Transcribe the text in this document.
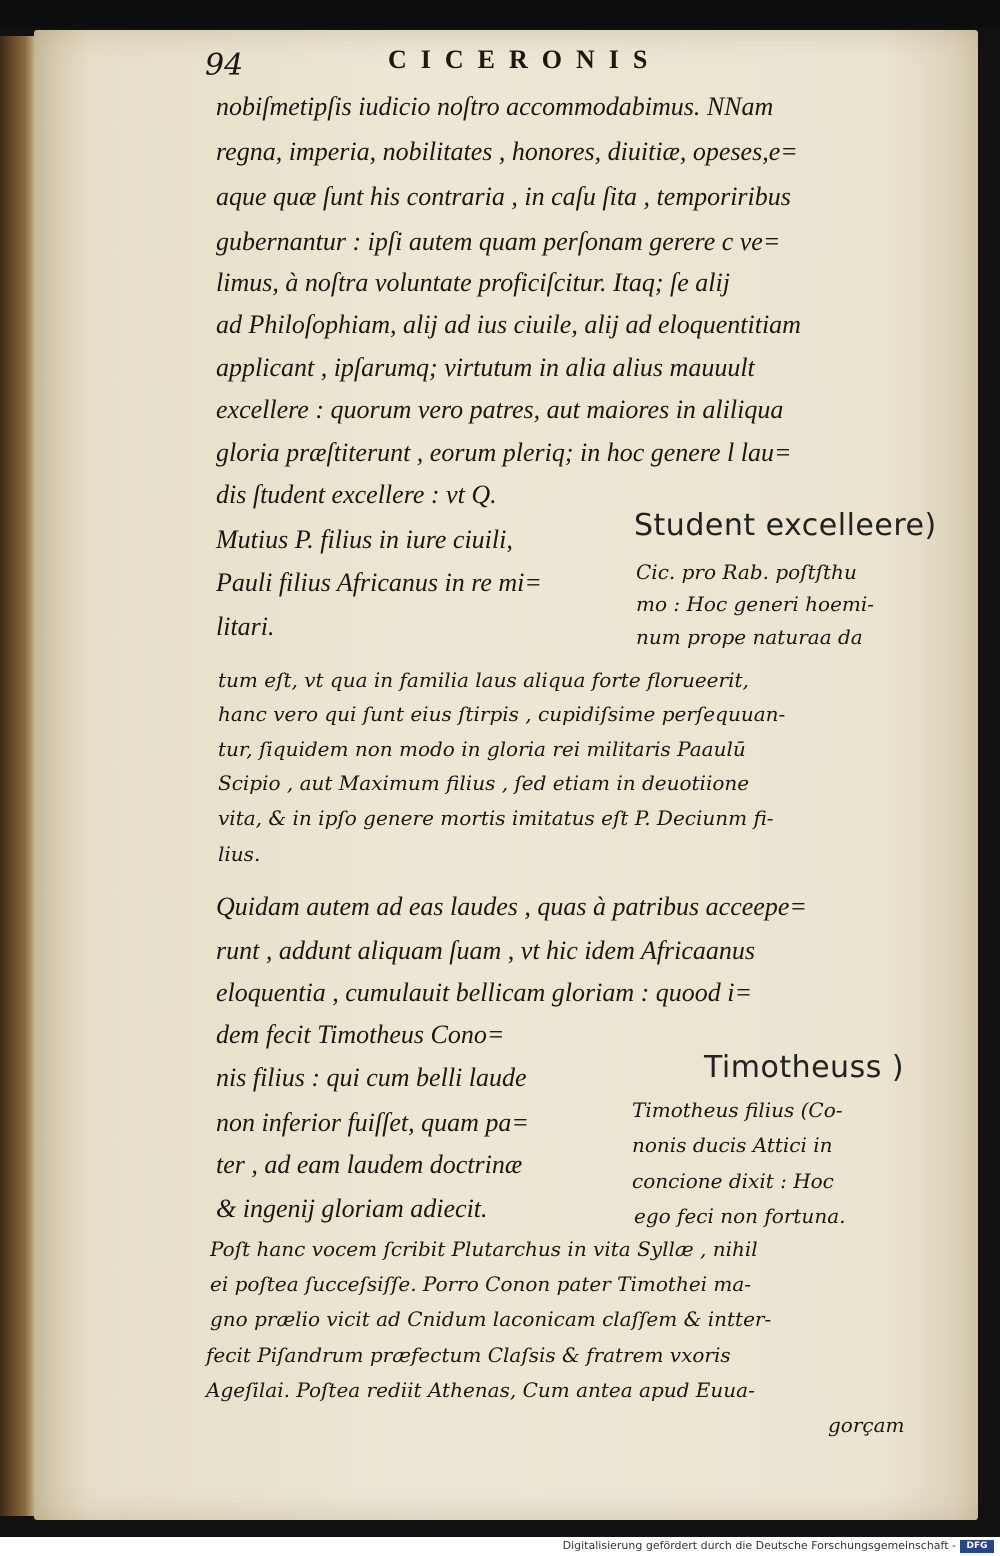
94	CICERONIS
nobiſmetipſis iudicio noſtro accommodabimus. NNam
regna, imperia, nobilitates , honores, diuitiæ, opeses,e=
aque quæ ſunt his contraria , in caſu ſita , temporiribus
gubernantur : ipſi autem quam perſonam gerere c ve=
limus, à noſtra voluntate proficiſcitur. Itaq; ſe alij
ad Philoſophiam, alij ad ius ciuile, alij ad eloquentitiam
applicant , ipſarumq; virtutum in alia alius mauuult
excellere : quorum vero patres, aut maiores in aliliqua
gloria præſtiterunt , eorum pleriq; in hoc genere l lau=
dis ſtudent excellere : vt Q.
Mutius P. filius in iure ciuili,
Pauli filius Africanus in re mi=
litari.
Student excelleere)
Cic. pro Rab. poſtſthu
mo : Hoc generi hoemi-
num prope naturaa da
tum eſt, vt qua in familia laus aliqua forte florueerit,
hanc vero qui ſunt eius ſtirpis , cupidiſsime perſequuan-
tur, ſiquidem non modo in gloria rei militaris Paaulū
Scipio , aut Maximum filius , ſed etiam in deuotiione
vita, & in ipſo genere mortis imitatus eſt P. Deciunm fi-
lius.
Quidam autem ad eas laudes , quas à patribus acceepe=
runt , addunt aliquam ſuam , vt hic idem Africaanus
eloquentia , cumulauit bellicam gloriam : quood i=
dem fecit Timotheus Cono=
nis filius : qui cum belli laude
non inferior fuiſſet, quam pa=
ter , ad eam laudem doctrinæ
& ingenij gloriam adiecit.
Timotheuss )
Timotheus filius (Co-
nonis ducis Attici in
concione dixit : Hoc
ego feci non fortuna.
Poſt hanc vocem ſcribit Plutarchus in vita Syllæ , nihil
ei poſtea ſucceſsiſſe. Porro Conon pater Timothei ma-
gno prælio vicit ad Cnidum laconicam claſſem & intter-
fecit Piſandrum præfectum Claſsis & fratrem vxoris
Ageſilai. Poſtea rediit Athenas, Cum antea apud Euua-
gorçam
Digitalisierung gefördert durch die Deutsche Forschungsgemeinschaft -	DFG
